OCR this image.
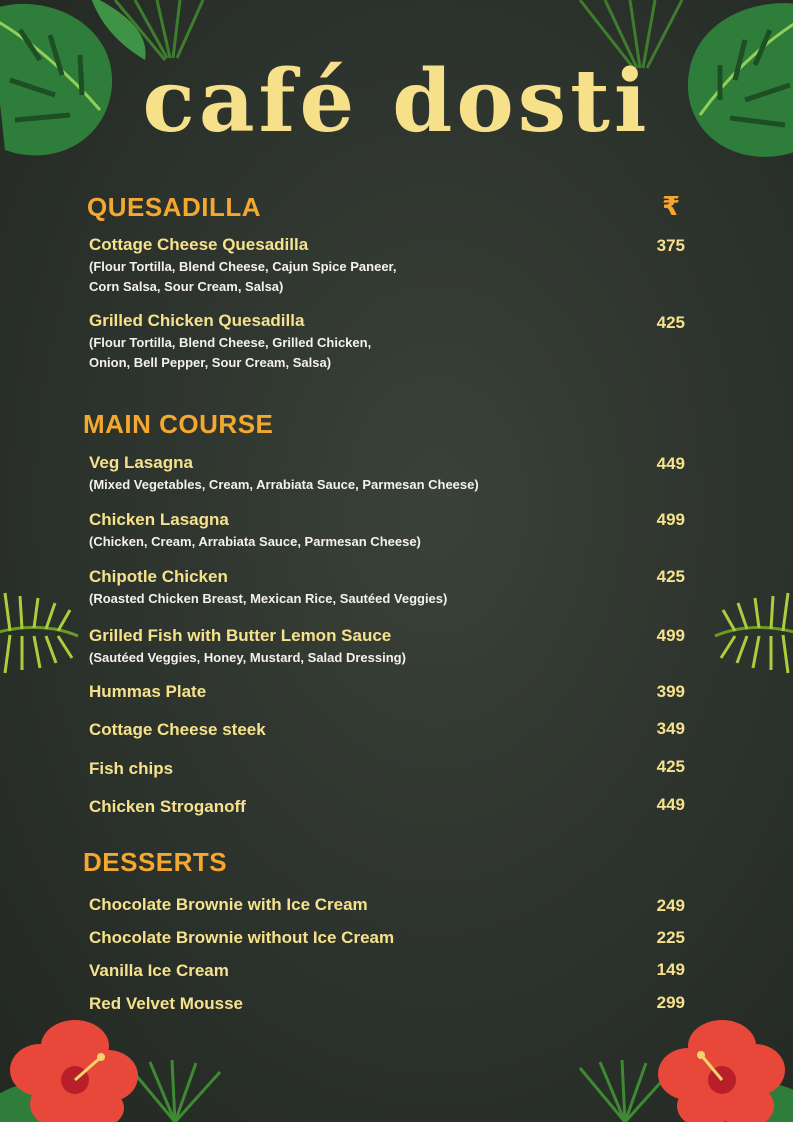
café dosti
QUESADILLA	₹
Cottage Cheese Quesadilla	375
(Flour Tortilla, Blend Cheese, Cajun Spice Paneer,
Corn Salsa, Sour Cream, Salsa)
Grilled Chicken Quesadilla	425
(Flour Tortilla, Blend Cheese, Grilled Chicken,
Onion, Bell Pepper, Sour Cream, Salsa)
MAIN COURSE
Veg Lasagna	449
(Mixed Vegetables, Cream, Arrabiata Sauce, Parmesan Cheese)
Chicken Lasagna	499
(Chicken, Cream, Arrabiata Sauce, Parmesan Cheese)
Chipotle Chicken	425
(Roasted Chicken Breast, Mexican Rice, Sautéed Veggies)
Grilled Fish with Butter Lemon Sauce	499
(Sautéed Veggies, Honey, Mustard, Salad Dressing)
Hummas Plate	399
Cottage Cheese steek	349
Fish chips	425
Chicken Stroganoff	449
DESSERTS
Chocolate Brownie with Ice Cream	249
Chocolate Brownie without Ice Cream	225
Vanilla Ice Cream	149
Red Velvet Mousse	299
